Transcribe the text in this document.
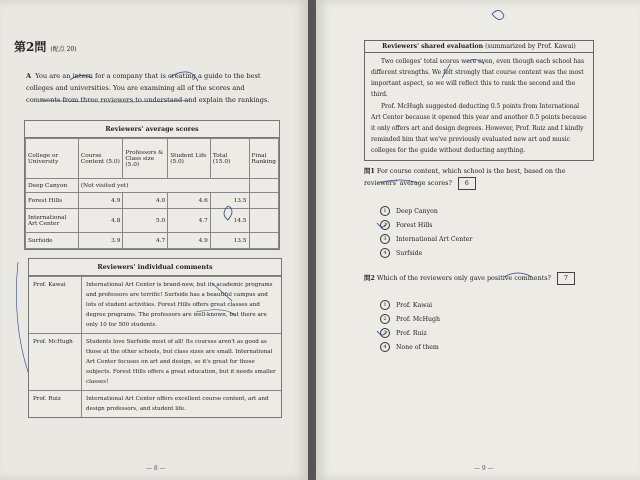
第2問 (配点 20)
A You are an intern for a company that is creating a guide to the best colleges and universities. You are examining all of the scores and comments from three reviewers to understand and explain the rankings.
Reviewers' average scores
College or University	Course Content (5.0)	Professors & Class size (5.0)	Student Life (5.0)	Total (15.0)	Final Ranking
Deep Canyon	(Not visited yet)				
Forest Hills	4.9	4.0	4.6	13.5	
International Art Center	4.8	5.0	4.7	14.5	
Surfside	3.9	4.7	4.9	13.5	
Reviewers' individual comments
Prof. Kawai	International Art Center is brand-new, but its academic programs and professors are terrific! Surfside has a beautiful campus and lots of student activities. Forest Hills offers great classes and degree programs. The professors are well-known, but there are only 10 for 500 students.
Prof. McHugh	Students love Surfside most of all! Its courses aren't as good as those at the other schools, but class sizes are small. International Art Center focuses on art and design, so it's great for those subjects. Forest Hills offers a great education, but it needs smaller classes!
Prof. Ruiz	International Art Center offers excellent course content, art and design professors, and student life.
— 8 —
Reviewers' shared evaluation (summarized by Prof. Kawai)

Two colleges' total scores were even, even though each school has different strengths. We felt strongly that course content was the most important aspect, so we will reflect this to rank the second and the third.

Prof. McHugh suggested deducting 0.5 points from International Art Center because it opened this year and another 0.5 points because it only offers art and design degrees. However, Prof. Ruiz and I kindly reminded him that we've previously evaluated new art and music colleges for the guide without deducting anything.

問1 For course content, which school is the best, based on the reviewers' average scores? 6
1	Deep Canyon
2	Forest Hills
3	International Art Center
4	Surfside
問2 Which of the reviewers only gave positive comments? 7
1	Prof. Kawai
2	Prof. McHugh
3	Prof. Ruiz
4	None of them
— 9 —
